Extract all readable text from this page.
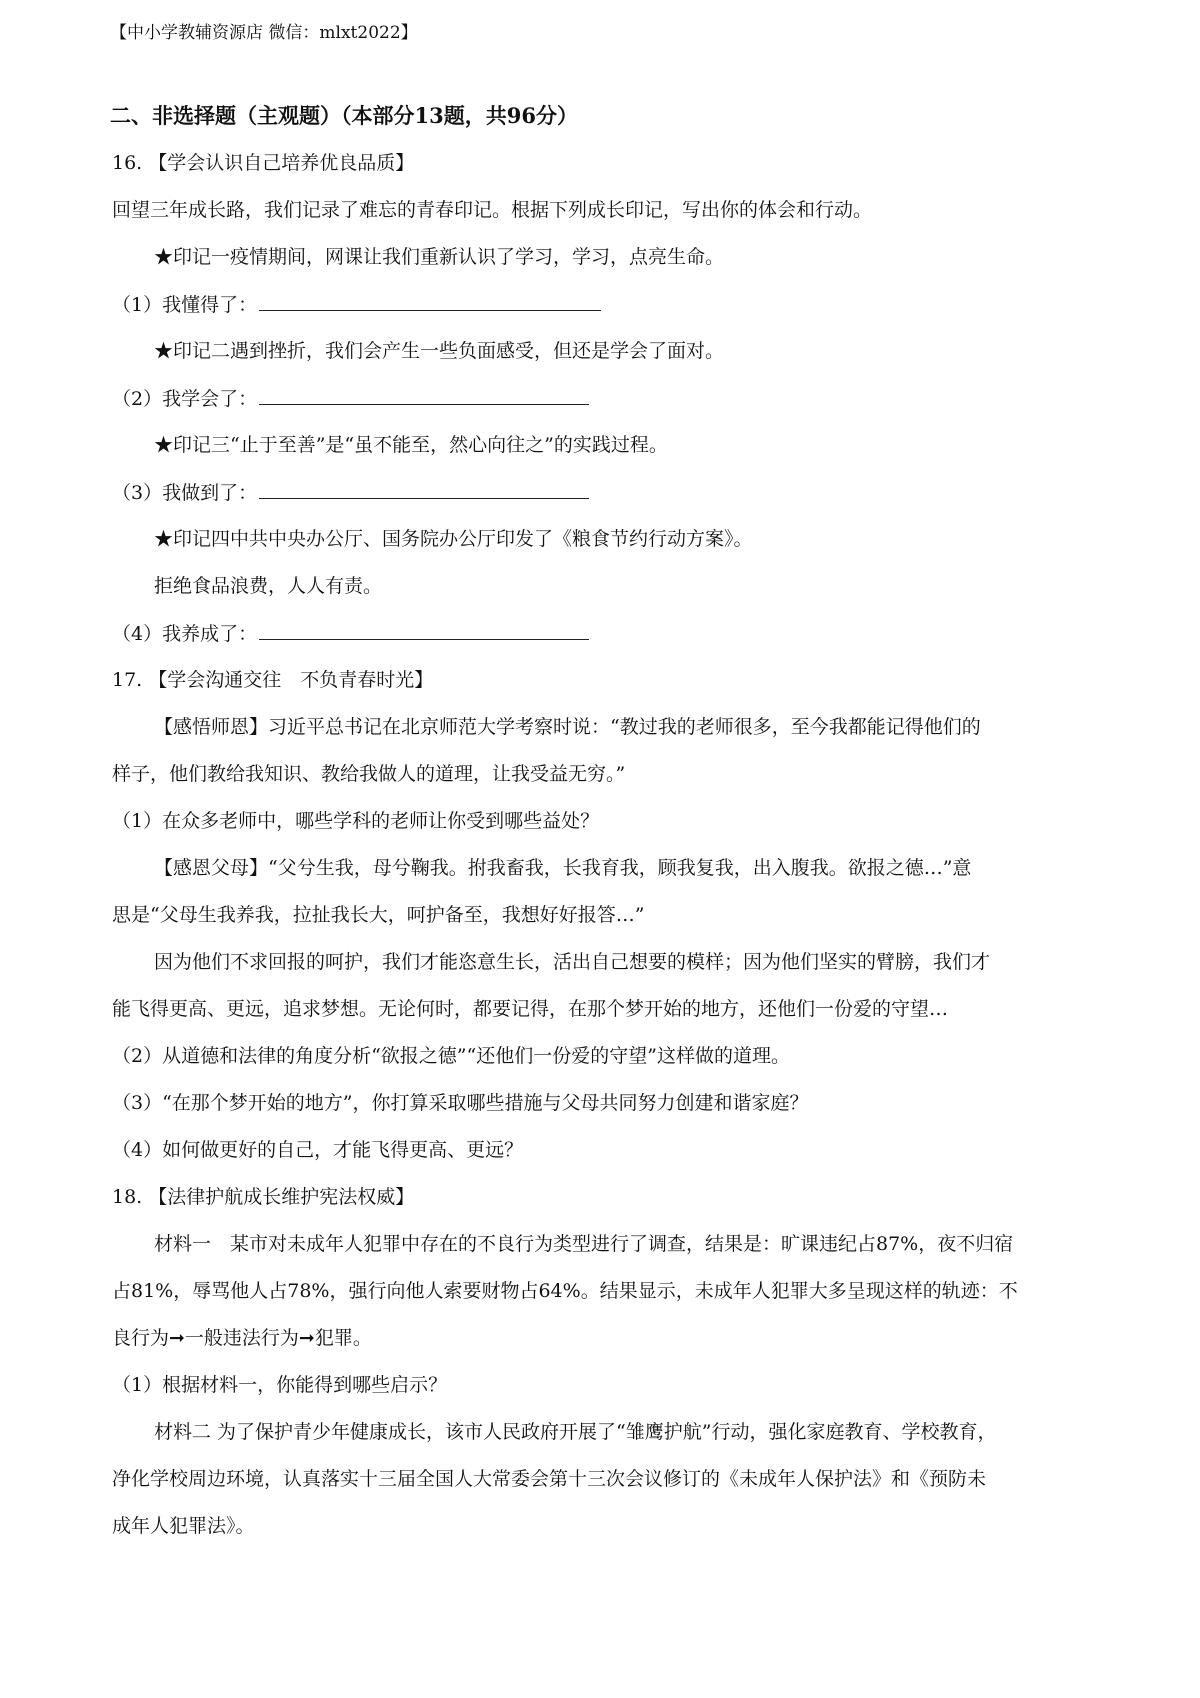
【中小学教辅资源店 微信：mlxt2022】
二、非选择题（主观题）（本部分13题，共96分）
16. 【学会认识自己培养优良品质】
回望三年成长路，我们记录了难忘的青春印记。根据下列成长印记，写出你的体会和行动。
★印记一疫情期间，网课让我们重新认识了学习，学习，点亮生命。
（1）我懂得了：
★印记二遇到挫折，我们会产生一些负面感受，但还是学会了面对。
（2）我学会了：
★印记三“止于至善”是“虽不能至，然心向往之”的实践过程。
（3）我做到了：
★印记四中共中央办公厅、国务院办公厅印发了《粮食节约行动方案》。
拒绝食品浪费，人人有责。
（4）我养成了：
17. 【学会沟通交往　不负青春时光】
【感悟师恩】习近平总书记在北京师范大学考察时说：“教过我的老师很多，至今我都能记得他们的
样子，他们教给我知识、教给我做人的道理，让我受益无穷。”
（1）在众多老师中，哪些学科的老师让你受到哪些益处？
【感恩父母】“父兮生我，母兮鞠我。拊我畜我，长我育我，顾我复我，出入腹我。欲报之德…”意
思是“父母生我养我，拉扯我长大，呵护备至，我想好好报答…”
因为他们不求回报的呵护，我们才能恣意生长，活出自己想要的模样；因为他们坚实的臂膀，我们才
能飞得更高、更远，追求梦想。无论何时，都要记得，在那个梦开始的地方，还他们一份爱的守望…
（2）从道德和法律的角度分析“欲报之德”“还他们一份爱的守望”这样做的道理。
（3）“在那个梦开始的地方”，你打算采取哪些措施与父母共同努力创建和谐家庭？
（4）如何做更好的自己，才能飞得更高、更远？
18. 【法律护航成长维护宪法权威】
材料一　某市对未成年人犯罪中存在的不良行为类型进行了调查，结果是：旷课违纪占87%，夜不归宿
占81%，辱骂他人占78%，强行向他人索要财物占64%。结果显示，未成年人犯罪大多呈现这样的轨迹：不
良行为➞一般违法行为➞犯罪。
（1）根据材料一，你能得到哪些启示？
材料二 为了保护青少年健康成长，该市人民政府开展了“雏鹰护航”行动，强化家庭教育、学校教育，
净化学校周边环境，认真落实十三届全国人大常委会第十三次会议修订的《未成年人保护法》和《预防未
成年人犯罪法》。
